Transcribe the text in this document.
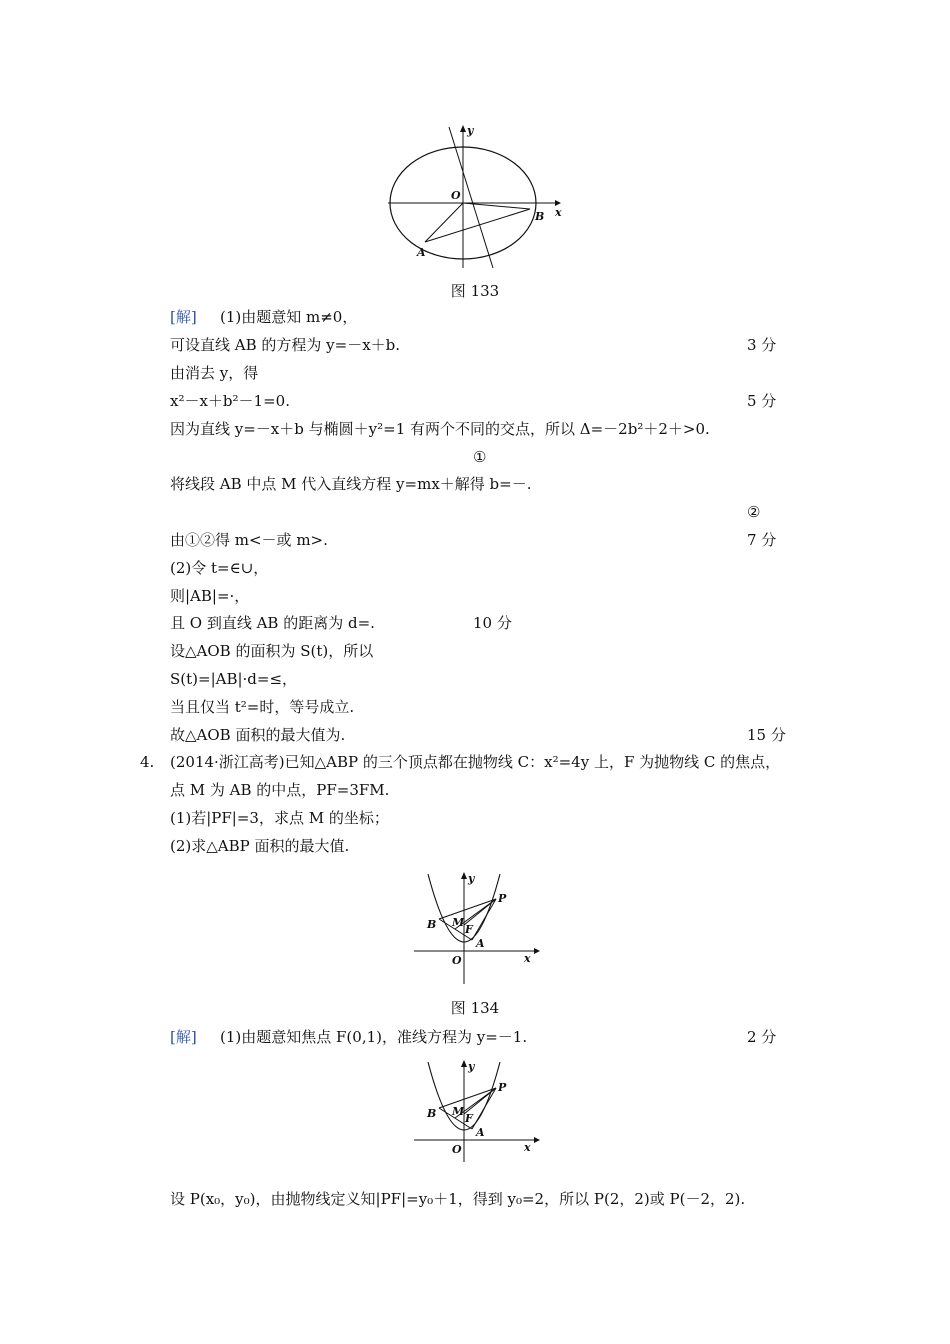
y
x
O
B
A
图 133
[解] (1)由题意知 m≠0，
可设直线 AB 的方程为 y=－x＋b.	3 分
由消去 y，得
x²－x＋b²－1=0.	5 分
因为直线 y=－x＋b 与椭圆＋y²=1 有两个不同的交点，所以 Δ=－2b²＋2＋>0.
①
将线段 AB 中点 M 代入直线方程 y=mx＋解得 b=－.
②
由①②得 m<－或 m>.	7 分
(2)令 t=∈∪，
则|AB|=·，
且 O 到直线 AB 的距离为 d=.	10 分
设△AOB 的面积为 S(t)，所以
S(t)=|AB|·d=≤，
当且仅当 t²=时，等号成立.
故△AOB 面积的最大值为.	15 分
4. (2014·浙江高考)已知△ABP 的三个顶点都在抛物线 C：x²=4y 上，F 为抛物线 C 的焦点，
点 M 为 AB 的中点，PF=3FM.
(1)若|PF|=3，求点 M 的坐标；
(2)求△ABP 面积的最大值.
y
x
O
P
B M
F
A
图 134
[解] (1)由题意知焦点 F(0,1)，准线方程为 y=－1.	2 分
y
x
O
P
B M
F
A
设 P(x₀，y₀)，由抛物线定义知|PF|=y₀＋1，得到 y₀=2，所以 P(2，2)或 P(－2，2).
